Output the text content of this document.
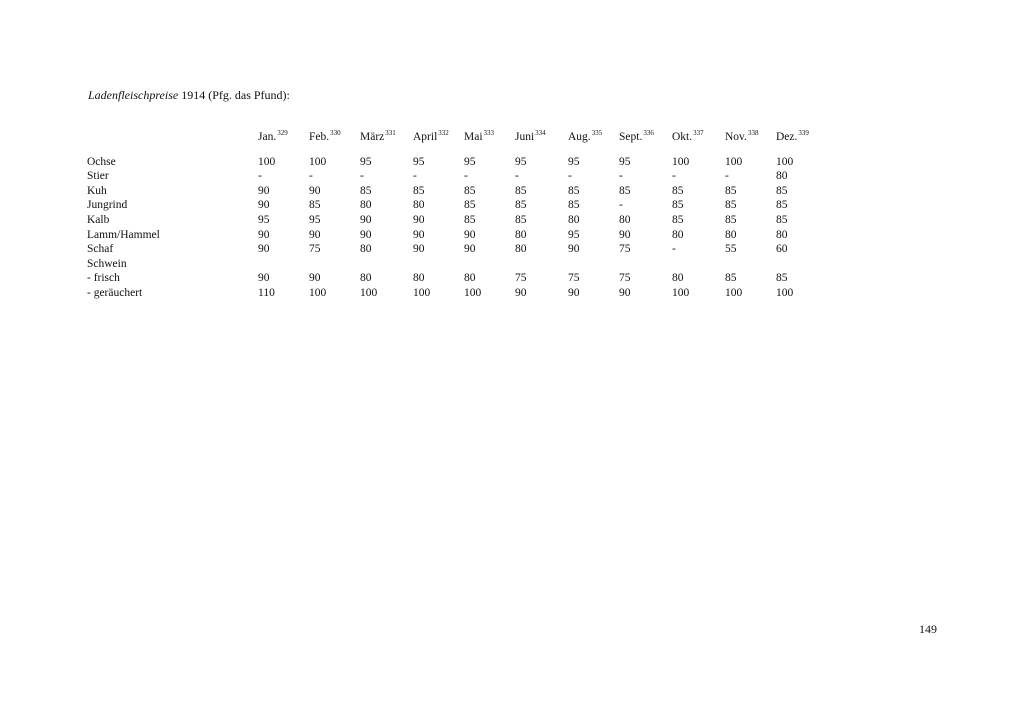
Ladenfleischpreise 1914 (Pfg. das Pfund):
	Jan.$^{329}$	Feb.$^{330}$	März$^{331}$	April$^{332}$	Mai$^{333}$	Juni$^{334}$	Aug.$^{335}$	Sept.$^{336}$	Okt.$^{337}$	Nov.$^{338}$	Dez.$^{339}$
Ochse	100	100	95	95	95	95	95	95	100	100	100
Stier	-	-	-	-	-	-	-	-	-	-	80
Kuh	90	90	85	85	85	85	85	85	85	85	85
Jungrind	90	85	80	80	85	85	85	-	85	85	85
Kalb	95	95	90	90	85	85	80	80	85	85	85
Lamm/Hammel	90	90	90	90	90	80	95	90	80	80	80
Schaf	90	75	80	90	90	80	90	75	-	55	60
Schwein											
- frisch	90	90	80	80	80	75	75	75	80	85	85
- geräuchert	110	100	100	100	100	90	90	90	100	100	100
149
